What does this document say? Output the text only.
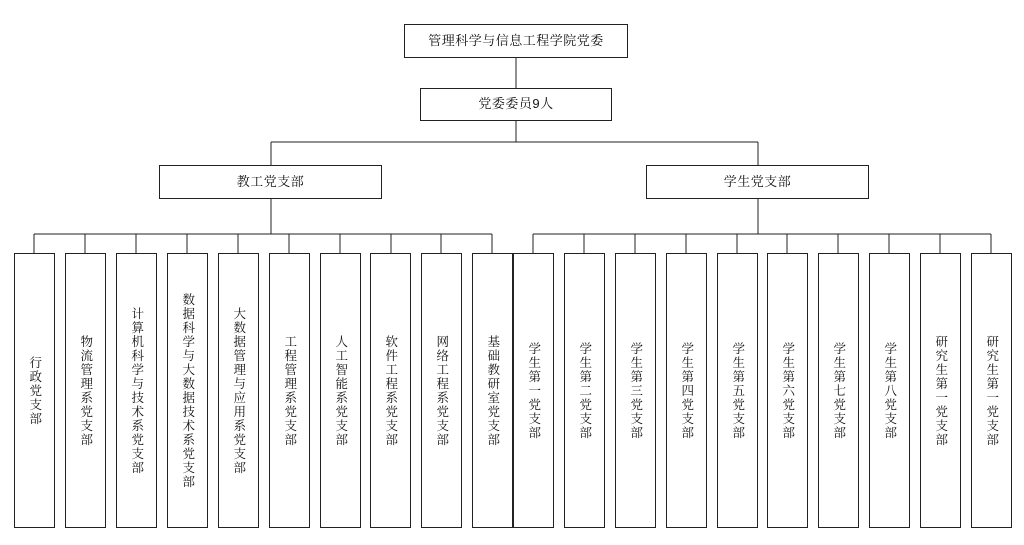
管理科学与信息工程学院党委
党委委员9人
教工党支部	学生党支部
行政党支部	物流管理系党支部	计算机科学与技术系党支部	数据科学与大数据技术系党支部	大数据管理与应用系党支部	工程管理系党支部	人工智能系党支部	软件工程系党支部	网络工程系党支部	基础教研室党支部 学生第一党支部	学生第二党支部	学生第三党支部	学生第四党支部	学生第五党支部	学生第六党支部	学生第七党支部	学生第八党支部	研究生第一党支部	研究生第一党支部
